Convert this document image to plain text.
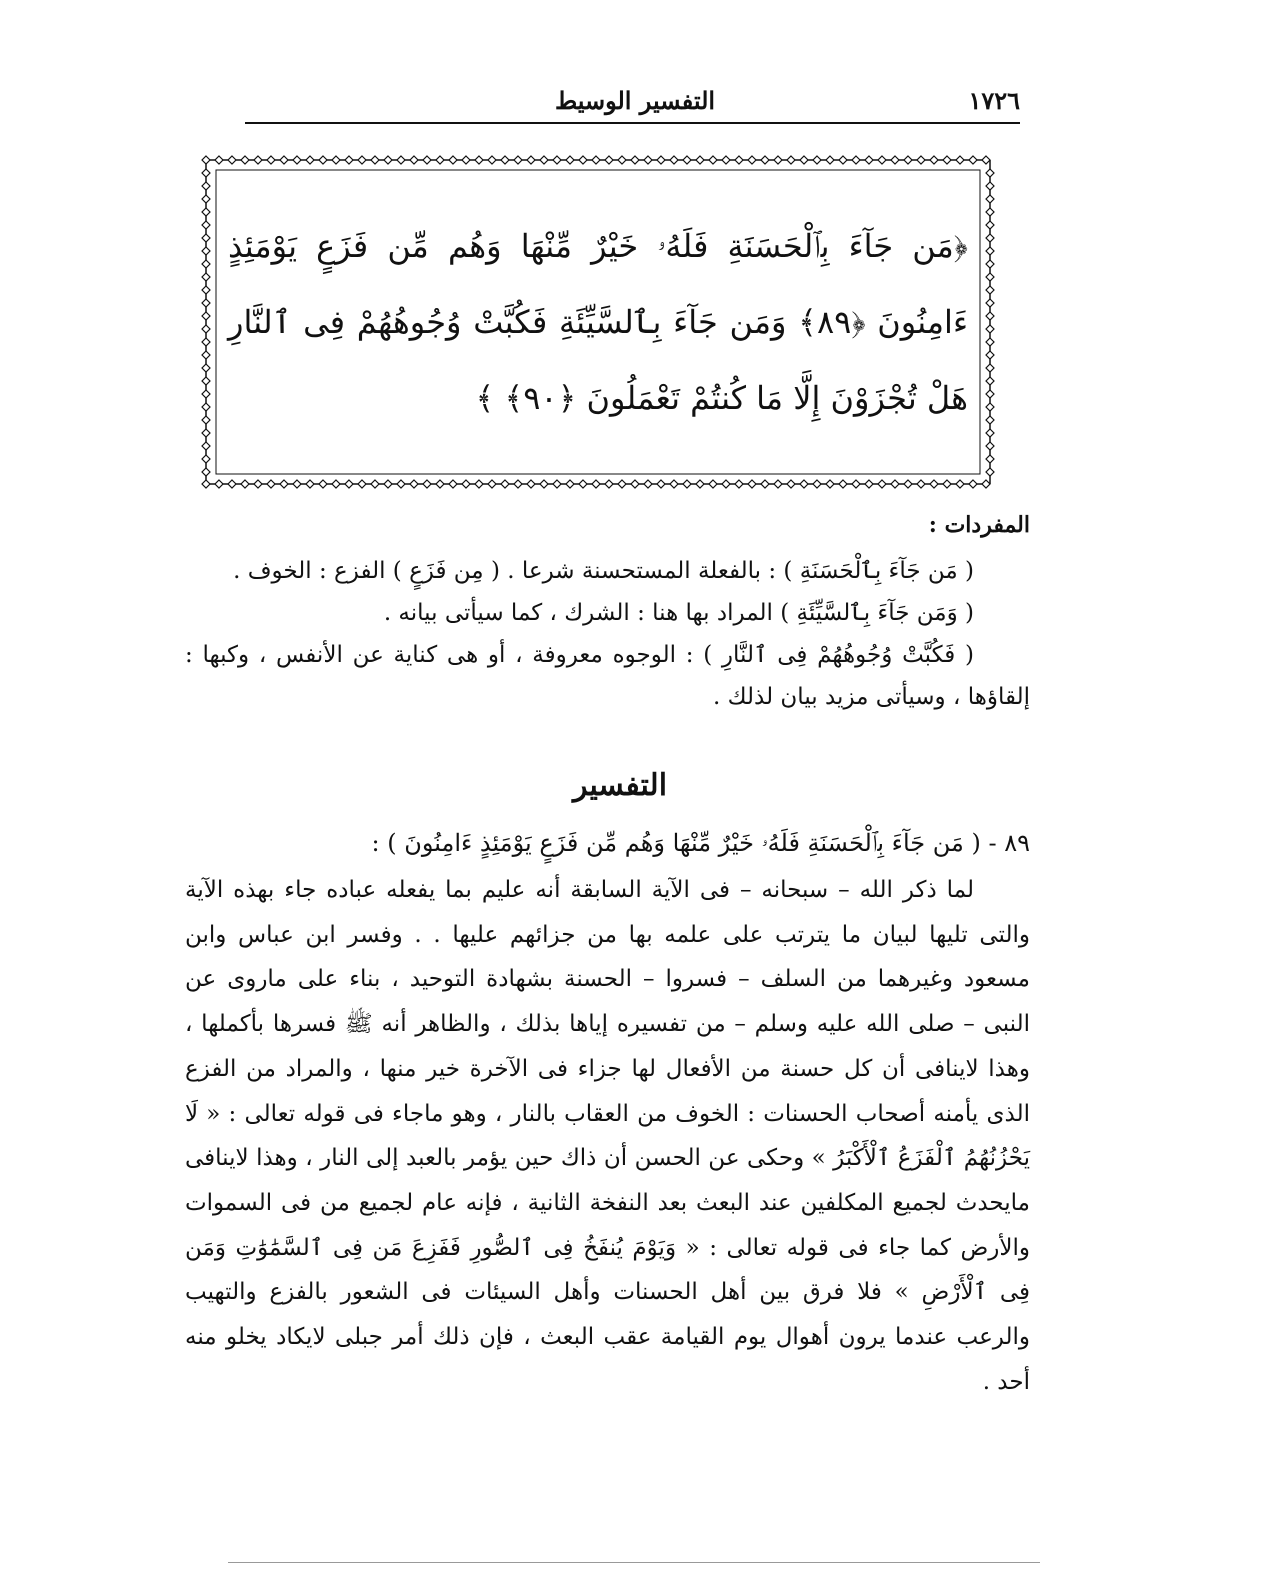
التفسير الوسيط	١٧٢٦
﴿مَن جَآءَ بِٱلْحَسَنَةِ فَلَهُۥ خَيْرٌ مِّنْهَا وَهُم مِّن فَزَعٍ يَوْمَئِذٍ ءَامِنُونَ ﴿٨٩﴾ وَمَن جَآءَ بِٱلسَّيِّئَةِ فَكُبَّتْ وُجُوهُهُمْ فِى ٱلنَّارِ هَلْ تُجْزَوْنَ إِلَّا مَا كُنتُمْ تَعْمَلُونَ ﴿٩٠﴾ ﴾
المفردات :

( مَن جَآءَ بِٱلْحَسَنَةِ ) : بالفعلة المستحسنة شرعا . ( مِن فَزَعٍ ) الفزع : الخوف .

( وَمَن جَآءَ بِٱلسَّيِّئَةِ ) المراد بها هنا : الشرك ، كما سيأتى بيانه .

( فَكُبَّتْ وُجُوهُهُمْ فِى ٱلنَّارِ ) : الوجوه معروفة ، أو هى كناية عن الأنفس ، وكبها : إلقاؤها ، وسيأتى مزيد بيان لذلك .

التفسير
٨٩ - ( مَن جَآءَ بِٱلْحَسَنَةِ فَلَهُۥ خَيْرٌ مِّنْهَا وَهُم مِّن فَزَعٍ يَوْمَئِذٍ ءَامِنُونَ ) :

لما ذكر الله – سبحانه – فى الآية السابقة أنه عليم بما يفعله عباده جاء بهذه الآية والتى تليها لبيان ما يترتب على علمه بها من جزائهم عليها . . وفسر ابن عباس وابن مسعود وغيرهما من السلف – فسروا – الحسنة بشهادة التوحيد ، بناء على ماروى عن النبى – صلى الله عليه وسلم – من تفسيره إياها بذلك ، والظاهر أنه ﷺ فسرها بأكملها ، وهذا لاينافى أن كل حسنة من الأفعال لها جزاء فى الآخرة خير منها ، والمراد من الفزع الذى يأمنه أصحاب الحسنات : الخوف من العقاب بالنار ، وهو ماجاء فى قوله تعالى : « لَا يَحْزُنُهُمُ ٱلْفَزَعُ ٱلْأَكْبَرُ » وحكى عن الحسن أن ذاك حين يؤمر بالعبد إلى النار ، وهذا لاينافى مايحدث لجميع المكلفين عند البعث بعد النفخة الثانية ، فإنه عام لجميع من فى السموات والأرض كما جاء فى قوله تعالى : « وَيَوْمَ يُنفَخُ فِى ٱلصُّورِ فَفَزِعَ مَن فِى ٱلسَّمَٰوَٰتِ وَمَن فِى ٱلْأَرْضِ » فلا فرق بين أهل الحسنات وأهل السيئات فى الشعور بالفزع والتهيب والرعب عندما يرون أهوال يوم القيامة عقب البعث ، فإن ذلك أمر جبلى لايكاد يخلو منه أحد .
